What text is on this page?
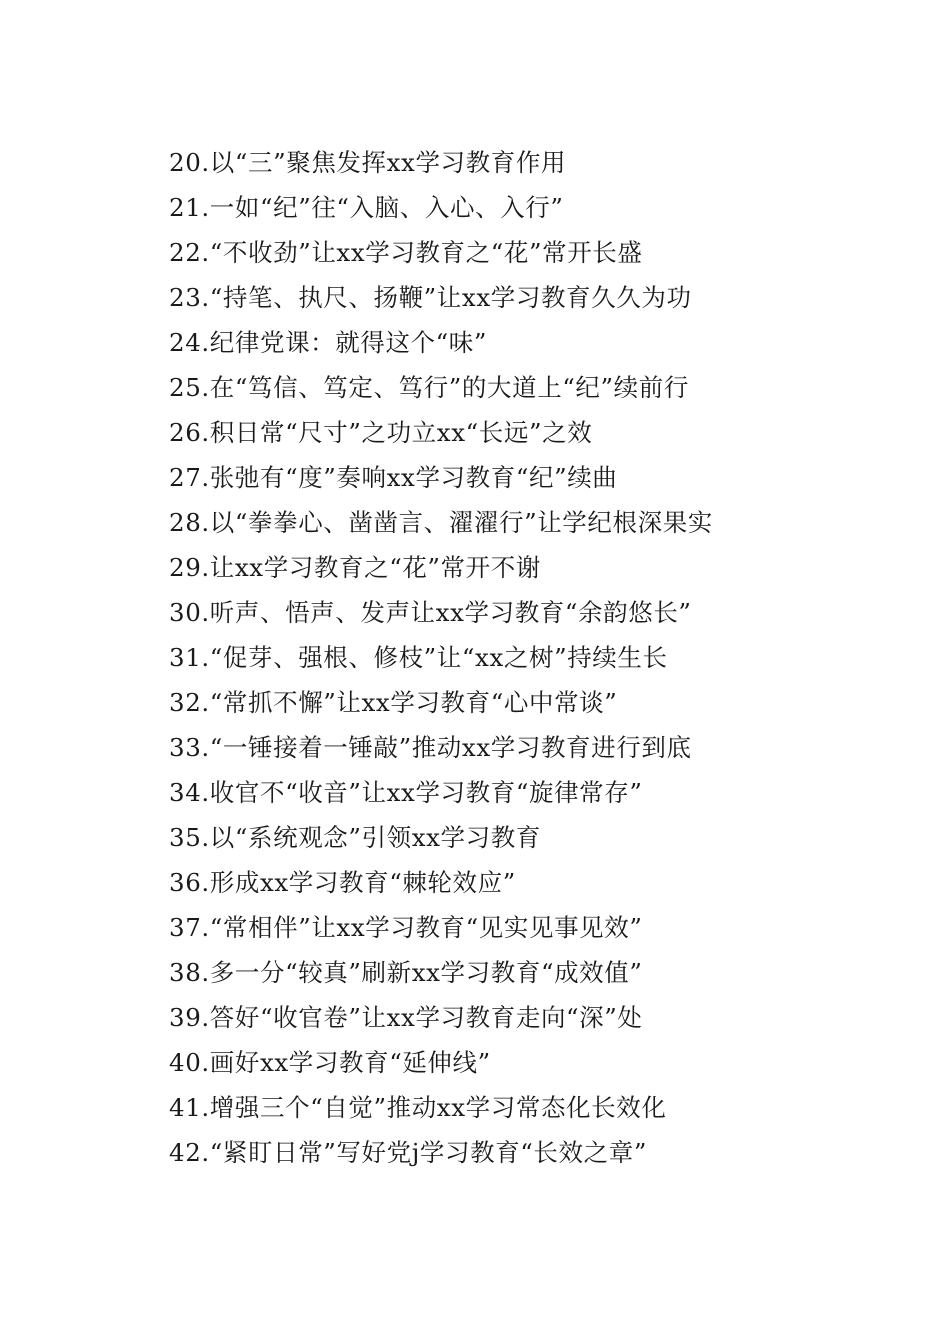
20.以“三”聚焦发挥xx学习教育作用
21.一如“纪”往“入脑、入心、入行”
22.“不收劲”让xx学习教育之“花”常开长盛
23.“持笔、执尺、扬鞭”让xx学习教育久久为功
24.纪律党课：就得这个“味”
25.在“笃信、笃定、笃行”的大道上“纪”续前行
26.积日常“尺寸”之功立xx“长远”之效
27.张弛有“度”奏响xx学习教育“纪”续曲
28.以“拳拳心、凿凿言、濯濯行”让学纪根深果实
29.让xx学习教育之“花”常开不谢
30.听声、悟声、发声让xx学习教育“余韵悠长”
31.“促芽、强根、修枝”让“xx之树”持续生长
32.“常抓不懈”让xx学习教育“心中常谈”
33.“一锤接着一锤敲”推动xx学习教育进行到底
34.收官不“收音”让xx学习教育“旋律常存”
35.以“系统观念”引领xx学习教育
36.形成xx学习教育“棘轮效应”
37.“常相伴”让xx学习教育“见实见事见效”
38.多一分“较真”刷新xx学习教育“成效值”
39.答好“收官卷”让xx学习教育走向“深”处
40.画好xx学习教育“延伸线”
41.增强三个“自觉”推动xx学习常态化长效化
42.“紧盯日常”写好党j学习教育“长效之章”
